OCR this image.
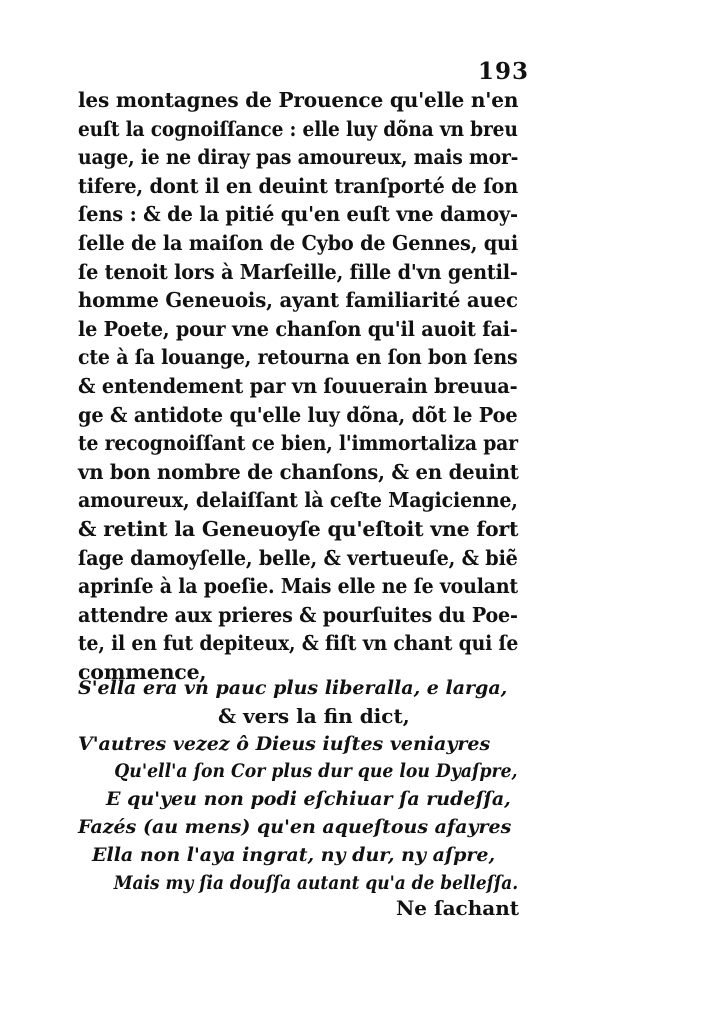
193
les montagnes de Prouence qu'elle n'en
euſt la cognoiſſance : elle luy dõna vn breu
uage, ie ne diray pas amoureux, mais mor-
tifere, dont il en deuint tranſporté de ſon
ſens : & de la pitié qu'en euſt vne damoy-
ſelle de la maiſon de Cybo de Gennes, qui
ſe tenoit lors à Marſeille, fille d'vn gentil-
homme Geneuois, ayant familiarité auec
le Poete, pour vne chanſon qu'il auoit fai-
cte à ſa louange, retourna en ſon bon ſens
& entendement par vn ſouuerain breuua-
ge & antidote qu'elle luy dõna, dõt le Poe
te recognoiſſant ce bien, l'immortaliza par
vn bon nombre de chanſons, & en deuint
amoureux, delaiſſant là ceſte Magicienne,
& retint la Geneuoyſe qu'eſtoit vne fort
ſage damoyſelle, belle, & vertueuſe, & biẽ
aprinſe à la poeſie. Mais elle ne ſe voulant
attendre aux prieres & pourſuites du Poe-
te, il en fut depiteux, & fiſt vn chant qui ſe
commence,
S'ella era vn pauc plus liberalla, e larga,
& vers la fin dict,
V'autres vezez ô Dieus iuſtes veniayres
Qu'ell'a ſon Cor plus dur que lou Dyaſpre,
E qu'yeu non podi eſchiuar ſa rudeſſa,
Fazés (au mens) qu'en aqueſtous afayres
Ella non l'aya ingrat, ny dur, ny aſpre,
Mais my ſia douſſa autant qu'a de belleſſa.
Ne ſachant
